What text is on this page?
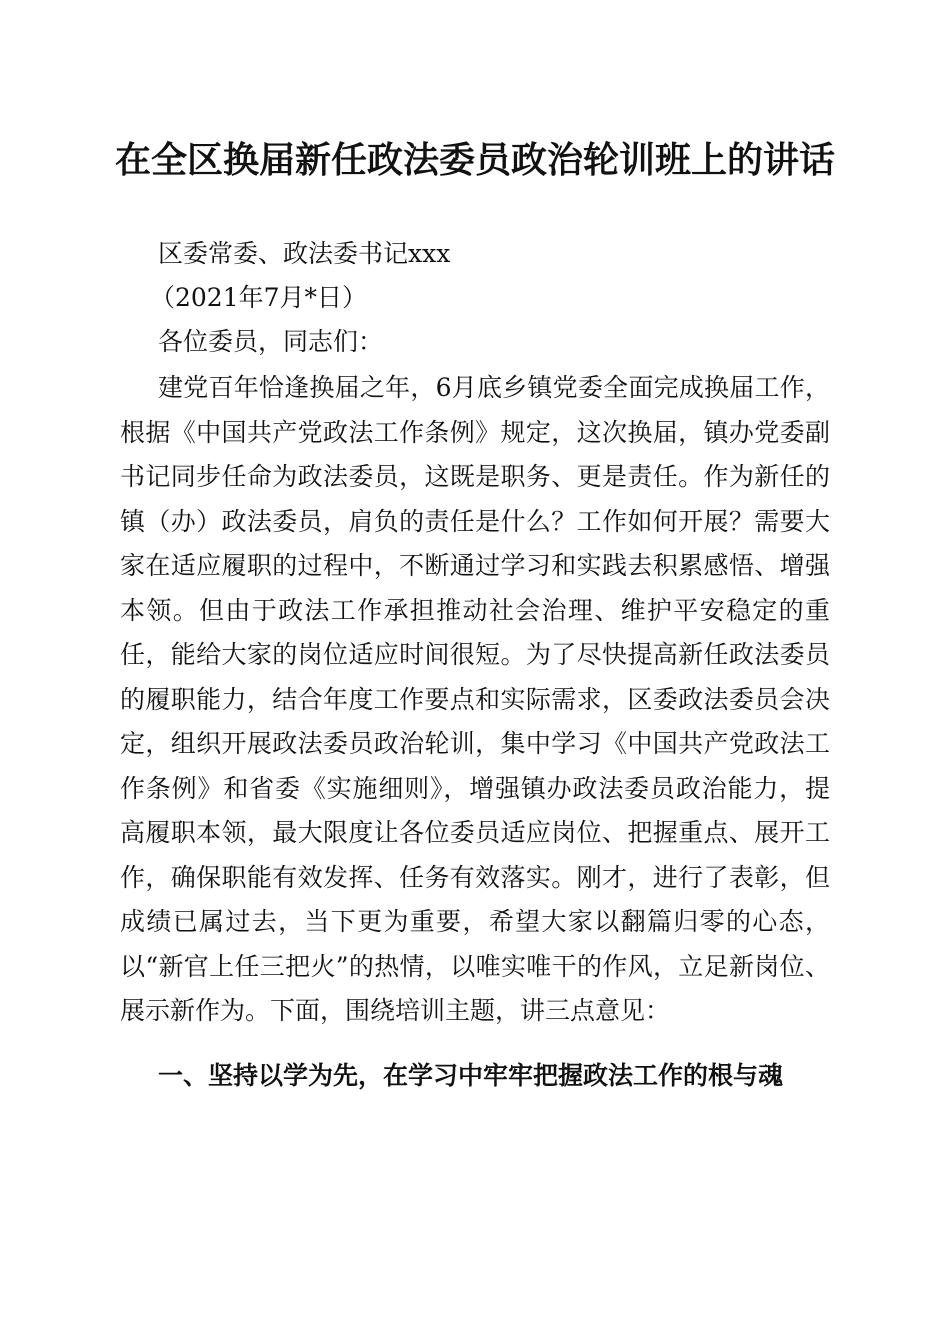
在全区换届新任政法委员政治轮训班上的讲话

区委常委、政法委书记xxx

（2021年7月*日）

各位委员，同志们：

建党百年恰逢换届之年，6月底乡镇党委全面完成换届工作，根据《中国共产党政法工作条例》规定，这次换届，镇办党委副书记同步任命为政法委员，这既是职务、更是责任。作为新任的镇（办）政法委员，肩负的责任是什么？工作如何开展？需要大家在适应履职的过程中，不断通过学习和实践去积累感悟、增强本领。但由于政法工作承担推动社会治理、维护平安稳定的重任，能给大家的岗位适应时间很短。为了尽快提高新任政法委员的履职能力，结合年度工作要点和实际需求，区委政法委员会决定，组织开展政法委员政治轮训，集中学习《中国共产党政法工作条例》和省委《实施细则》，增强镇办政法委员政治能力，提高履职本领，最大限度让各位委员适应岗位、把握重点、展开工作，确保职能有效发挥、任务有效落实。刚才，进行了表彰，但成绩已属过去，当下更为重要，希望大家以翻篇归零的心态，以“新官上任三把火”的热情，以唯实唯干的作风，立足新岗位、展示新作为。下面，围绕培训主题，讲三点意见：

一、坚持以学为先，在学习中牢牢把握政法工作的根与魂
